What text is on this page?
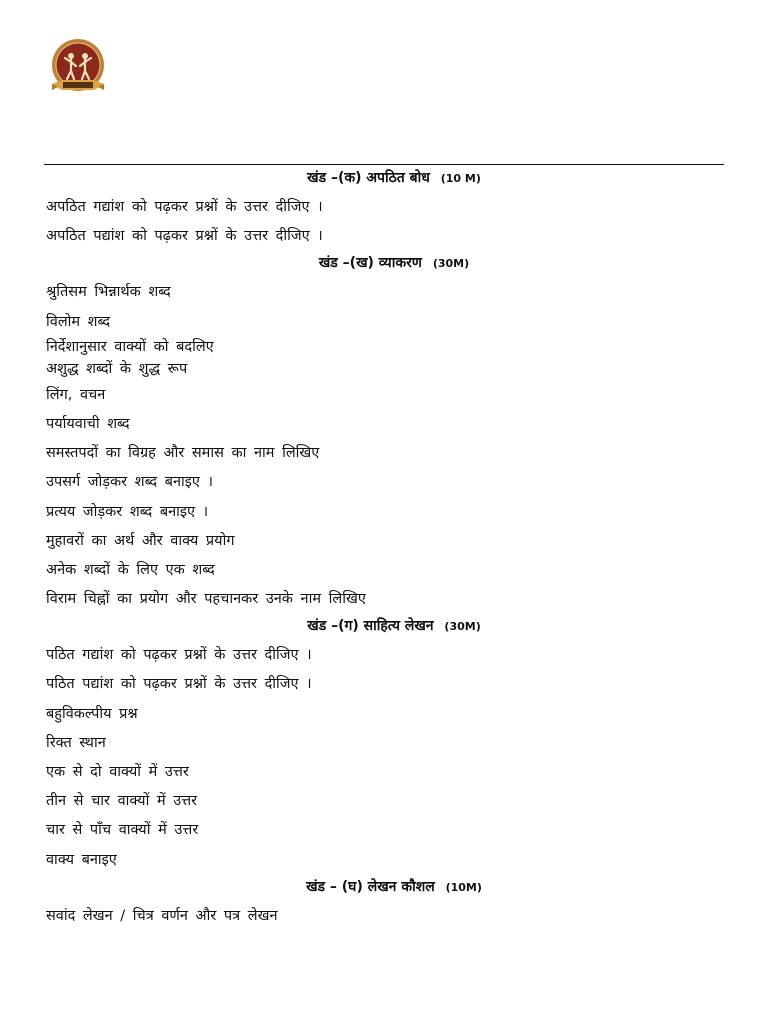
खंड –(क) अपठित बोध (10 M)
अपठित गद्यांश को पढ़कर प्रश्नों के उत्तर दीजिए ।
अपठित पद्यांश को पढ़कर प्रश्नों के उत्तर दीजिए ।
खंड –(ख) व्याकरण (30M)
श्रुतिसम भिन्नार्थक शब्द
विलोम शब्द
निर्देशानुसार वाक्यों को बदलिए
अशुद्ध शब्दों के शुद्ध रूप
लिंग, वचन
पर्यायवाची शब्द
समस्तपदों का विग्रह और समास का नाम लिखिए
उपसर्ग जोड़कर शब्द बनाइए ।
प्रत्यय जोड़कर शब्द बनाइए ।
मुहावरों का अर्थ और वाक्य प्रयोग
अनेक शब्दों के लिए एक शब्द
विराम चिह्नों का प्रयोग और पहचानकर उनके नाम लिखिए
खंड –(ग) साहित्य लेखन (30M)
पठित गद्यांश को पढ़कर प्रश्नों के उत्तर दीजिए ।
पठित पद्यांश को पढ़कर प्रश्नों के उत्तर दीजिए ।
बहुविकल्पीय प्रश्न
रिक्त स्थान
एक से दो वाक्यों में उत्तर
तीन से चार वाक्यों में उत्तर
चार से पाँच वाक्यों में उत्तर
वाक्य बनाइए
खंड – (घ) लेखन कौशल (10M)
सवांद लेखन / चित्र वर्णन और पत्र लेखन
